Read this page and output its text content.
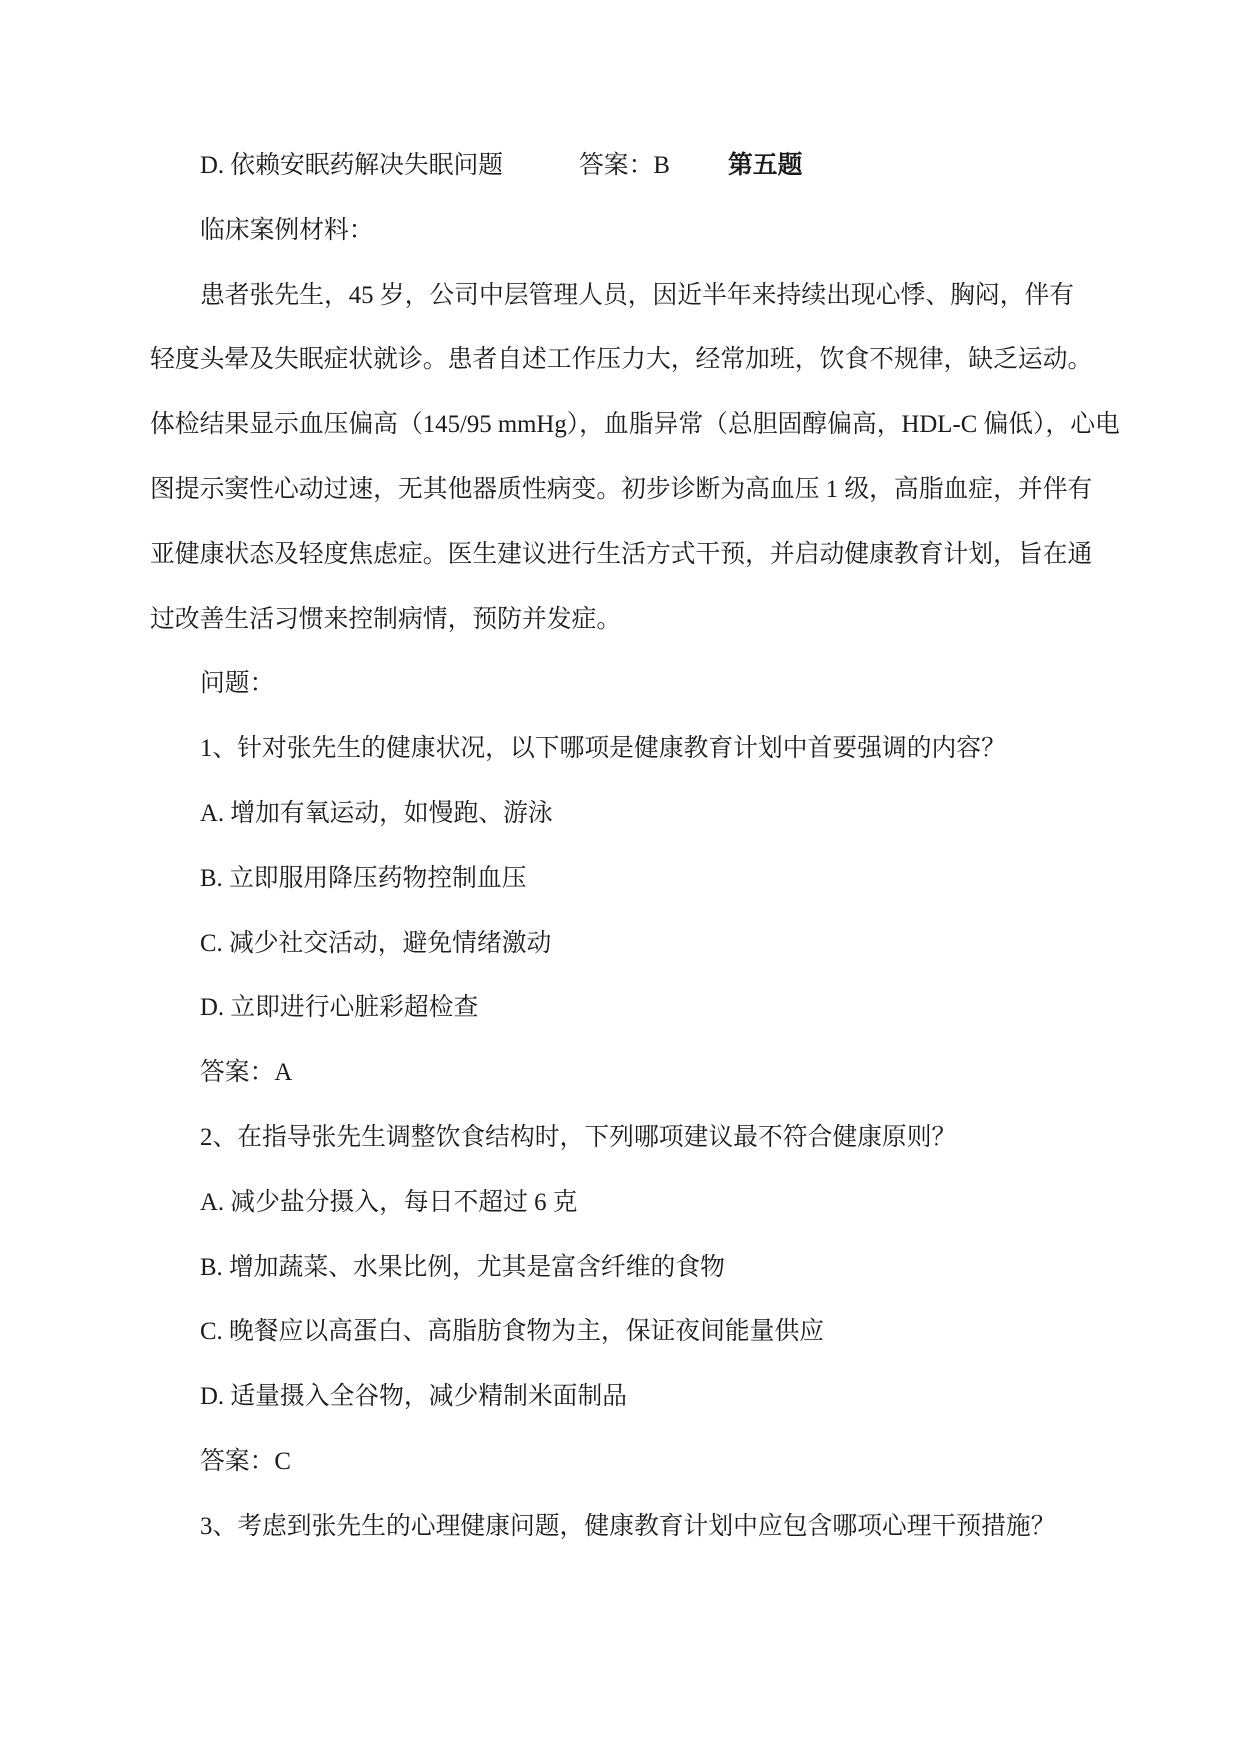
D. 依赖安眠药解决失眠问题	答案：B 第五题
临床案例材料：
患者张先生，45 岁，公司中层管理人员，因近半年来持续出现心悸、胸闷，伴有
轻度头晕及失眠症状就诊。患者自述工作压力大，经常加班，饮食不规律，缺乏运动。
体检结果显示血压偏高（145/95 mmHg），血脂异常（总胆固醇偏高，HDL-C 偏低），心电
图提示窦性心动过速，无其他器质性病变。初步诊断为高血压 1 级，高脂血症，并伴有
亚健康状态及轻度焦虑症。医生建议进行生活方式干预，并启动健康教育计划，旨在通
过改善生活习惯来控制病情，预防并发症。
问题：
1、针对张先生的健康状况，以下哪项是健康教育计划中首要强调的内容？
A. 增加有氧运动，如慢跑、游泳
B. 立即服用降压药物控制血压
C. 减少社交活动，避免情绪激动
D. 立即进行心脏彩超检查
答案：A
2、在指导张先生调整饮食结构时，下列哪项建议最不符合健康原则？
A. 减少盐分摄入，每日不超过 6 克
B. 增加蔬菜、水果比例，尤其是富含纤维的食物
C. 晚餐应以高蛋白、高脂肪食物为主，保证夜间能量供应
D. 适量摄入全谷物，减少精制米面制品
答案：C
3、考虑到张先生的心理健康问题，健康教育计划中应包含哪项心理干预措施？
